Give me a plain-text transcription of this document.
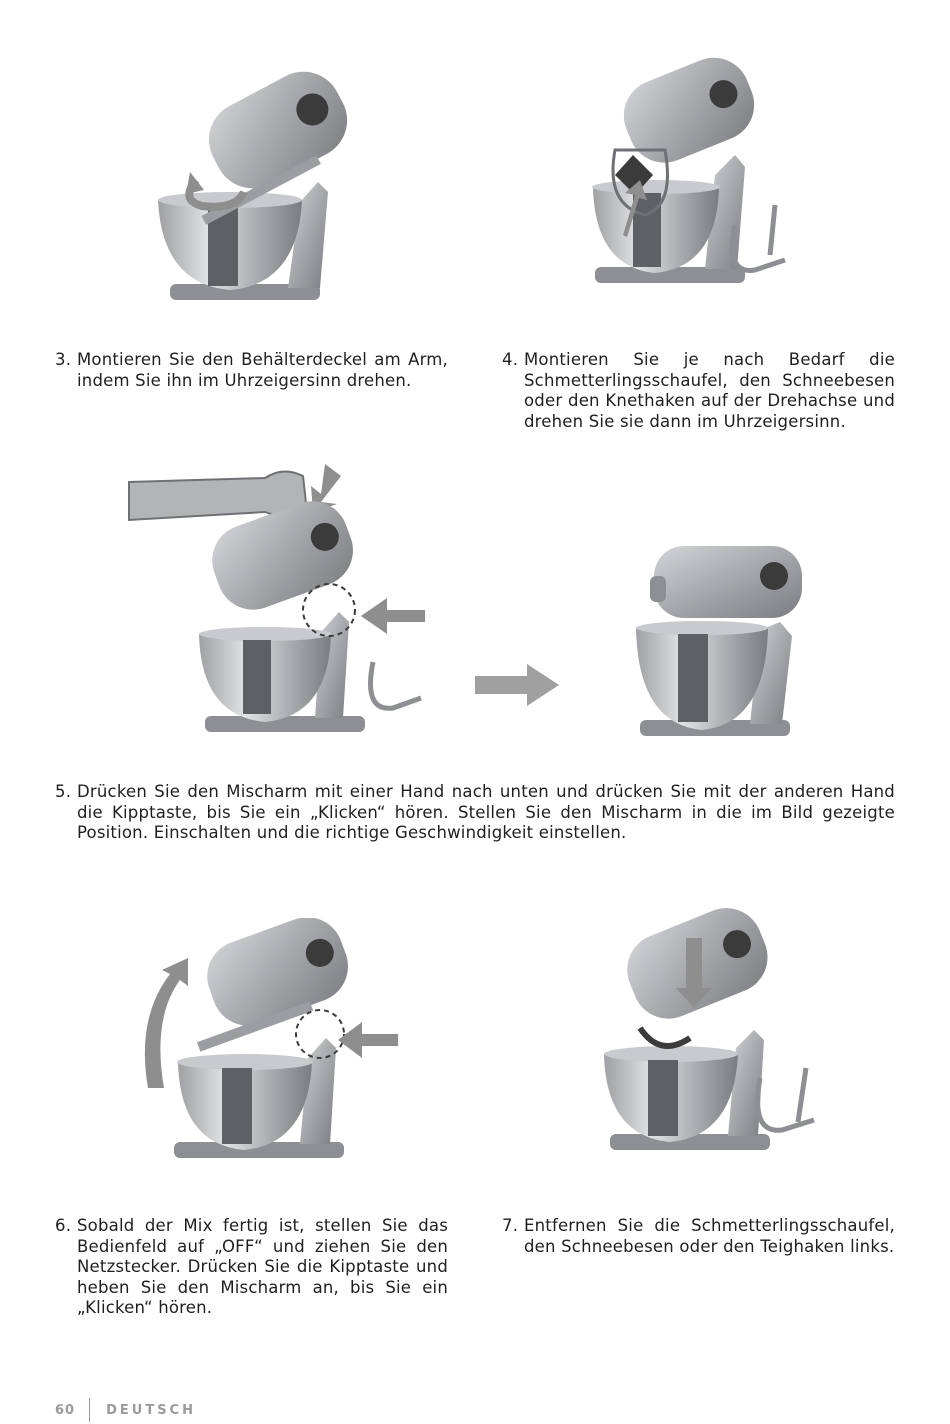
3. Montieren Sie den Behälterdeckel am Arm, indem Sie ihn im Uhrzeigersinn drehen.
4. Montieren Sie je nach Bedarf die Schmetterlingsschaufel, den Schneebesen oder den Knethaken auf der Drehachse und drehen Sie sie dann im Uhrzeigersinn.
5. Drücken Sie den Mischarm mit einer Hand nach unten und drücken Sie mit der anderen Hand die Kipptaste, bis Sie ein „Klicken“ hören. Stellen Sie den Mischarm in die im Bild gezeigte Position. Einschalten und die richtige Geschwindigkeit einstellen.
6. Sobald der Mix fertig ist, stellen Sie das Bedienfeld auf „OFF“ und ziehen Sie den Netzstecker. Drücken Sie die Kipptaste und heben Sie den Mischarm an, bis Sie ein „Klicken“ hören.
7. Entfernen Sie die Schmetterlingsschaufel, den Schneebesen oder den Teighaken links.
60 DEUTSCH
